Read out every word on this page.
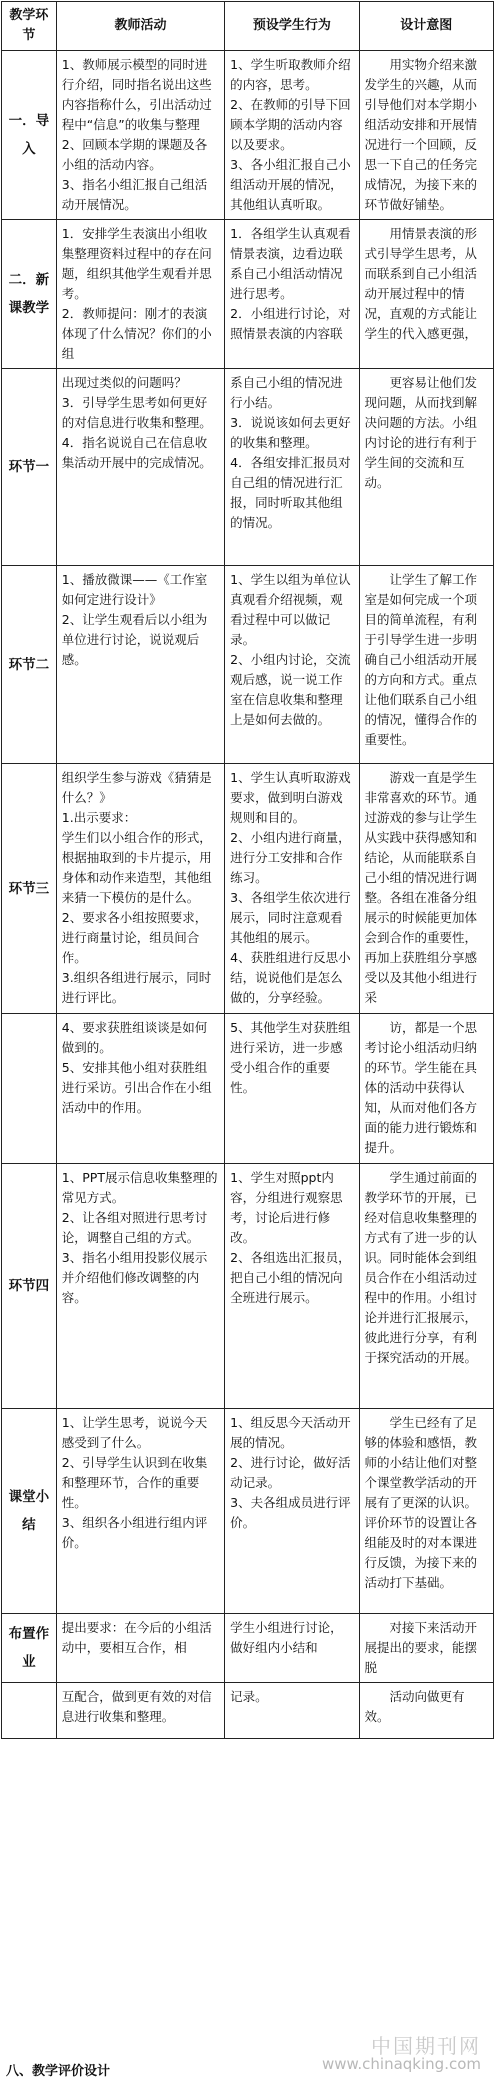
教学环节	教师活动	预设学生行为	设计意图

一．导入	1、教师展示模型的同时进行介绍，同时指名说出这些内容指称什么，引出活动过程中“信息”的收集与整理
2、回顾本学期的课题及各小组的活动内容。
3、指名小组汇报自己组活动开展情况。	1、学生听取教师介绍的内容，思考。
2、在教师的引导下回顾本学期的活动内容以及要求。
3、各小组汇报自己小组活动开展的情况，其他组认真听取。	用实物介绍来激发学生的兴趣，从而引导他们对本学期小组活动安排和开展情况进行一个回顾，反思一下自己的任务完成情况，为接下来的环节做好铺垫。

二．新课教学	1．安排学生表演出小组收集整理资料过程中的存在问题，组织其他学生观看并思考。
2．教师提问：刚才的表演体现了什么情况？你们的小组	1．各组学生认真观看情景表演，边看边联系自己小组活动情况进行思考。
2．小组进行讨论，对照情景表演的内容联	用情景表演的形式引导学生思考，从而联系到自己小组活动开展过程中的情况，直观的方式能让学生的代入感更强，

环节一	出现过类似的问题吗？
3．引导学生思考如何更好的对信息进行收集和整理。
4．指名说说自己在信息收集活动开展中的完成情况。	系自己小组的情况进行小结。
3．说说该如何去更好的收集和整理。
4．各组安排汇报员对自己组的情况进行汇报，同时听取其他组的情况。	更容易让他们发现问题，从而找到解决问题的方法。小组内讨论的进行有利于学生间的交流和互动。

环节二	1、播放微课——《工作室如何定进行设计》
2、让学生观看后以小组为单位进行讨论，说说观后感。	1、学生以组为单位认真观看介绍视频，观看过程中可以做记录。
2、小组内讨论，交流观后感，说一说工作室在信息收集和整理上是如何去做的。	让学生了解工作室是如何完成一个项目的简单流程，有利于引导学生进一步明确自己小组活动开展的方向和方式。重点让他们联系自己小组的情况，懂得合作的重要性。

环节三	组织学生参与游戏《猜猜是什么？》
1.出示要求：
学生们以小组合作的形式，根据抽取到的卡片提示，用身体和动作来造型，其他组来猜一下模仿的是什么。
2、要求各小组按照要求，进行商量讨论，组员间合作。
3.组织各组进行展示，同时进行评比。	1、学生认真听取游戏要求，做到明白游戏规则和目的。
2、小组内进行商量，进行分工安排和合作练习。
3、各组学生依次进行展示，同时注意观看其他组的展示。
4、获胜组进行反思小结，说说他们是怎么做的，分享经验。	游戏一直是学生非常喜欢的环节。通过游戏的参与让学生从实践中获得感知和结论，从而能联系自己小组的情况进行调整。各组在准备分组展示的时候能更加体会到合作的重要性，再加上获胜组分享感受以及其他小组进行采

	4、要求获胜组谈谈是如何做到的。
5、安排其他小组对获胜组进行采访。引出合作在小组活动中的作用。	5、其他学生对获胜组进行采访，进一步感受小组合作的重要性。	访，都是一个思考讨论小组活动归纳的环节。学生能在具体的活动中获得认知，从而对他们各方面的能力进行锻炼和提升。

环节四	1、PPT展示信息收集整理的常见方式。
2、让各组对照进行思考讨论，调整自己组的方式。
3、指名小组用投影仪展示并介绍他们修改调整的内容。	1、学生对照ppt内容，分组进行观察思考，讨论后进行修改。
2、各组选出汇报员，把自己小组的情况向全班进行展示。	学生通过前面的教学环节的开展，已经对信息收集整理的方式有了进一步的认识。同时能体会到组员合作在小组活动过程中的作用。小组讨论并进行汇报展示，彼此进行分享，有利于探究活动的开展。

课堂小结	1、让学生思考，说说今天感受到了什么。
2、引导学生认识到在收集和整理环节，合作的重要性。
3、组织各小组进行组内评价。	1、组反思今天活动开展的情况。
2、进行讨论，做好活动记录。
3、夫各组成员进行评价。	学生已经有了足够的体验和感悟，教师的小结让他们对整个课堂教学活动的开展有了更深的认识。评价环节的设置让各组能及时的对本课进行反馈，为接下来的活动打下基础。

布置作业	提出要求：在今后的小组活动中，要相互合作，相	学生小组进行讨论，做好组内小结和	对接下来活动开展提出的要求，能摆脱

	互配合，做到更有效的对信息进行收集和整理。	记录。	活动向做更有效。
中国期刊网
www.chinaqking.com
八、教学评价设计
